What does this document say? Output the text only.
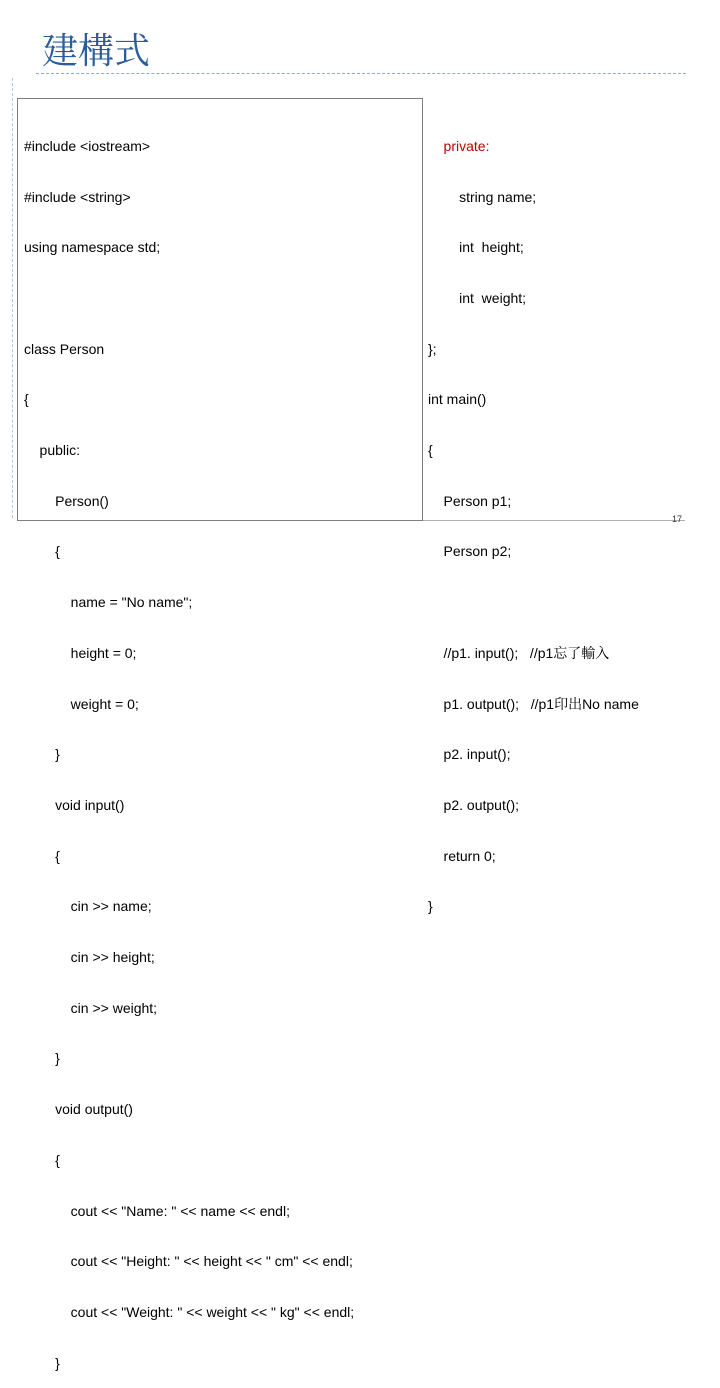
建構式

#include <iostream>

#include <string>

using namespace std;

class Person

{

public:

Person()

{

name = "No name";

height = 0;

weight = 0;

}

void input()

{

cin >> name;

cin >> height;

cin >> weight;

}

void output()

{

cout << "Name: " << name << endl;

cout << "Height: " << height << " cm" << endl;

cout << "Weight: " << weight << " kg" << endl;

}

private:

string name;

int  height;

int  weight;

};

int main()

{

Person p1;

Person p2;

//p1. input();   //p1忘了輸入

p1. output();   //p1印出No name

p2. input();

p2. output();

return 0;

}

17
